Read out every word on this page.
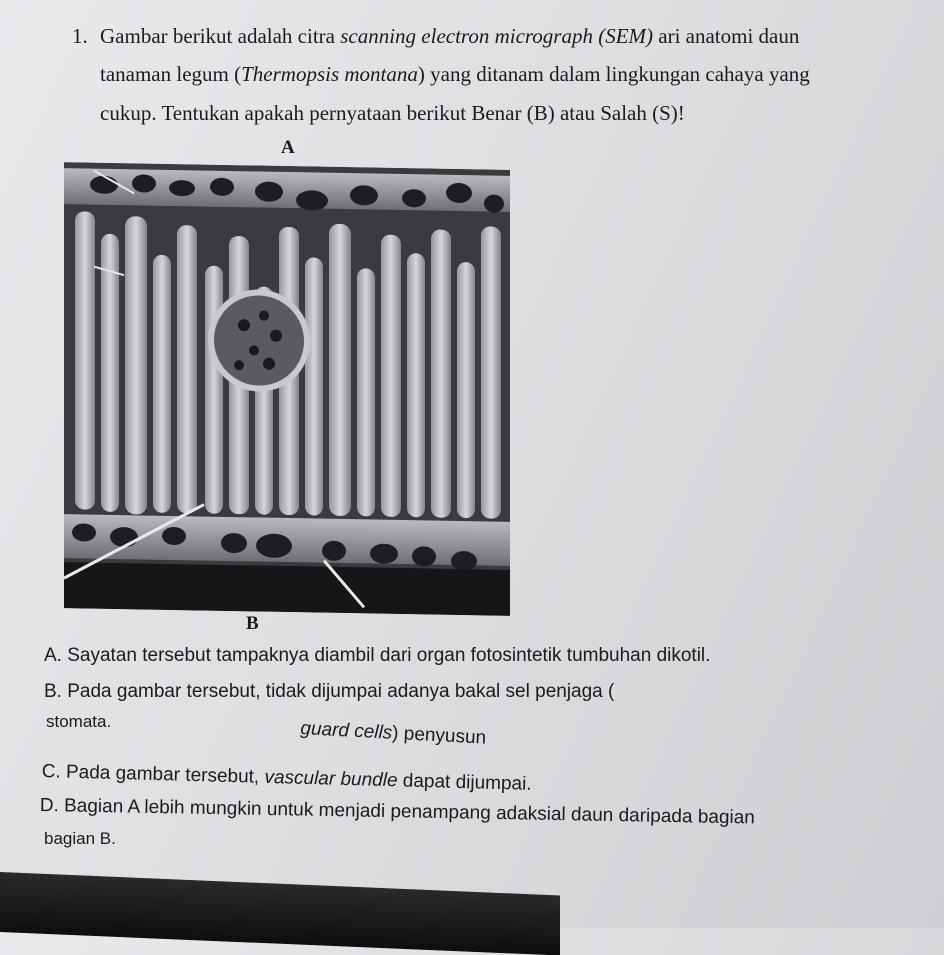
1. Gambar berikut adalah citra scanning electron micrograph (SEM) ari anatomi daun
tanaman legum (Thermopsis montana) yang ditanam dalam lingkungan cahaya yang
cukup. Tentukan apakah pernyataan berikut Benar (B) atau Salah (S)!
A
B
A. Sayatan tersebut tampaknya diambil dari organ fotosintetik tumbuhan dikotil.
B. Pada gambar tersebut, tidak dijumpai adanya bakal sel penjaga (
stomata.	guard cells) penyusun
C. Pada gambar tersebut, vascular bundle dapat dijumpai.
D. Bagian A lebih mungkin untuk menjadi penampang adaksial daun daripada bagian
bagian B.
